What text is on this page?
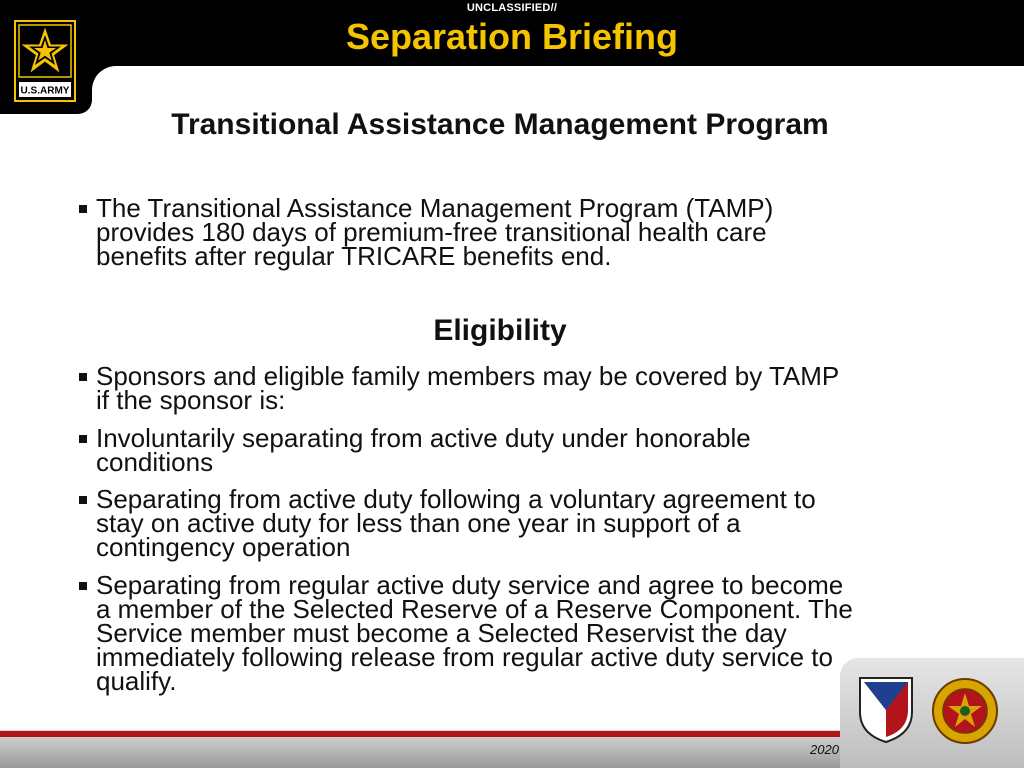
UNCLASSIFIED//
Separation Briefing
U.S.ARMY
Transitional Assistance Management Program
The Transitional Assistance Management Program (TAMP)
provides 180 days of premium-free transitional health care
benefits after regular TRICARE benefits end.
Eligibility
Sponsors and eligible family members may be covered by TAMP
if the sponsor is:
Involuntarily separating from active duty under honorable
conditions
Separating from active duty following a voluntary agreement to
stay on active duty for less than one year in support of a
contingency operation
Separating from regular active duty service and agree to become
a member of the Selected Reserve of a Reserve Component. The
Service member must become a Selected Reservist the day
immediately following release from regular active duty service to
qualify.
2020
